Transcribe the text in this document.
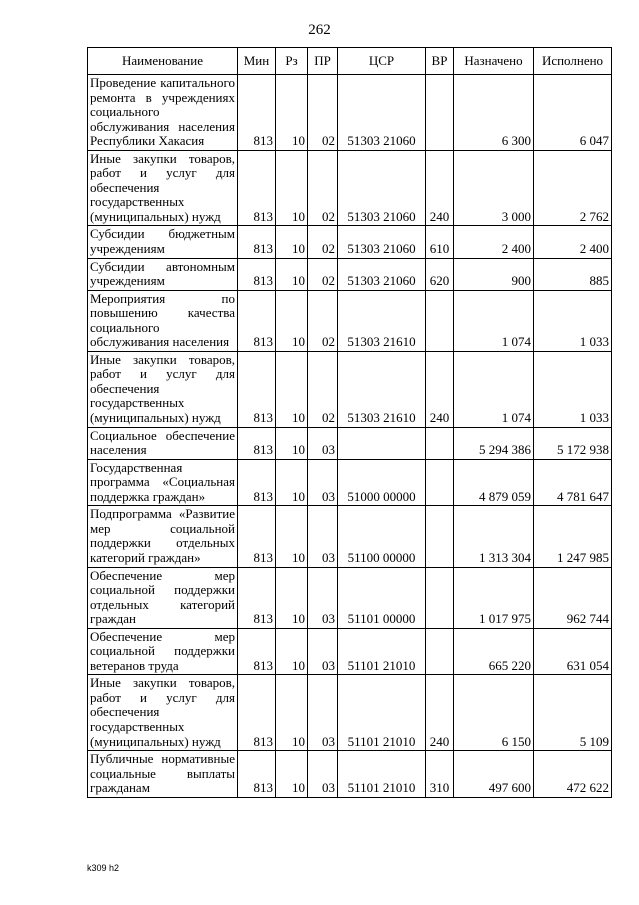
262
Наименование	Мин	Рз	ПР	ЦСР	ВР	Назначено	Исполнено
Проведение капитального ремонта в учреждениях социального обслуживания населения Республики Хакасия	813	10	02	51303 21060		6 300	6 047
Иные закупки товаров, работ и услуг для обеспечения государственных (муниципальных) нужд	813	10	02	51303 21060	240	3 000	2 762
Субсидии бюджетным учреждениям	813	10	02	51303 21060	610	2 400	2 400
Субсидии автономным учреждениям	813	10	02	51303 21060	620	900	885
Мероприятия по повышению качества социального обслуживания населения	813	10	02	51303 21610		1 074	1 033
Иные закупки товаров, работ и услуг для обеспечения государственных (муниципальных) нужд	813	10	02	51303 21610	240	1 074	1 033
Социальное обеспечение населения	813	10	03			5 294 386	5 172 938
Государственная программа «Социальная поддержка граждан»	813	10	03	51000 00000		4 879 059	4 781 647
Подпрограмма «Развитие мер социальной поддержки отдельных категорий граждан»	813	10	03	51100 00000		1 313 304	1 247 985
Обеспечение мер социальной поддержки отдельных категорий граждан	813	10	03	51101 00000		1 017 975	962 744
Обеспечение мер социальной поддержки ветеранов труда	813	10	03	51101 21010		665 220	631 054
Иные закупки товаров, работ и услуг для обеспечения государственных (муниципальных) нужд	813	10	03	51101 21010	240	6 150	5 109
Публичные нормативные социальные выплаты гражданам	813	10	03	51101 21010	310	497 600	472 622
k309 h2
